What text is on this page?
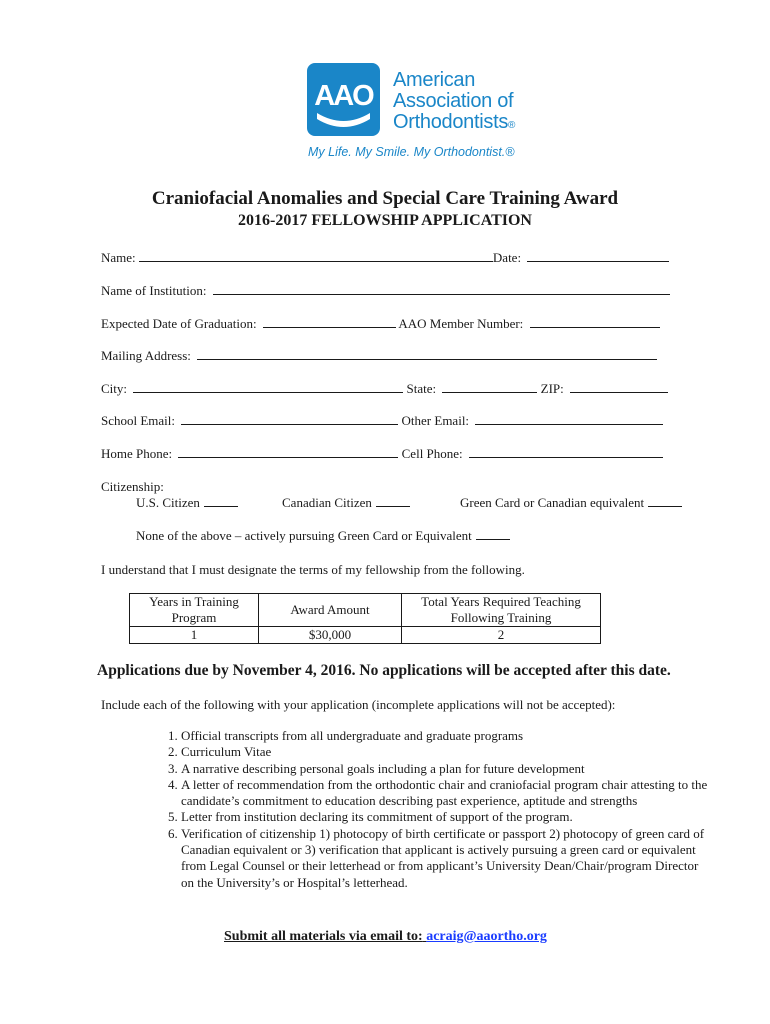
AAO American
Association of
Orthodontists®
My Life. My Smile. My Orthodontist.®
Craniofacial Anomalies and Special Care Training Award
2016-2017 FELLOWSHIP APPLICATION
Name:	Date:
Name of Institution:
Expected Date of Graduation:	AAO Member Number:
Mailing Address:
City:	State:	ZIP:
School Email:	Other Email:
Home Phone:	Cell Phone:
Citizenship:
U.S. Citizen	Canadian Citizen	Green Card or Canadian equivalent
None of the above – actively pursuing Green Card or Equivalent
I understand that I must designate the terms of my fellowship from the following.
Years in Training Program	Award Amount	Total Years Required Teaching Following Training
1	$30,000	2
Applications due by November 4, 2016. No applications will be accepted after this date.
Include each of the following with your application (incomplete applications will not be accepted):
1. Official transcripts from all undergraduate and graduate programs
2. Curriculum Vitae
3. A narrative describing personal goals including a plan for future development
4. A letter of recommendation from the orthodontic chair and craniofacial program chair attesting to the candidate’s commitment to education describing past experience, aptitude and strengths
5. Letter from institution declaring its commitment of support of the program.
6. Verification of citizenship 1) photocopy of birth certificate or passport 2) photocopy of green card of Canadian equivalent or 3) verification that applicant is actively pursuing a green card or equivalent from Legal Counsel or their letterhead or from applicant’s University Dean/Chair/program Director on the University’s or Hospital’s letterhead.
Submit all materials via email to: acraig@aaortho.org
